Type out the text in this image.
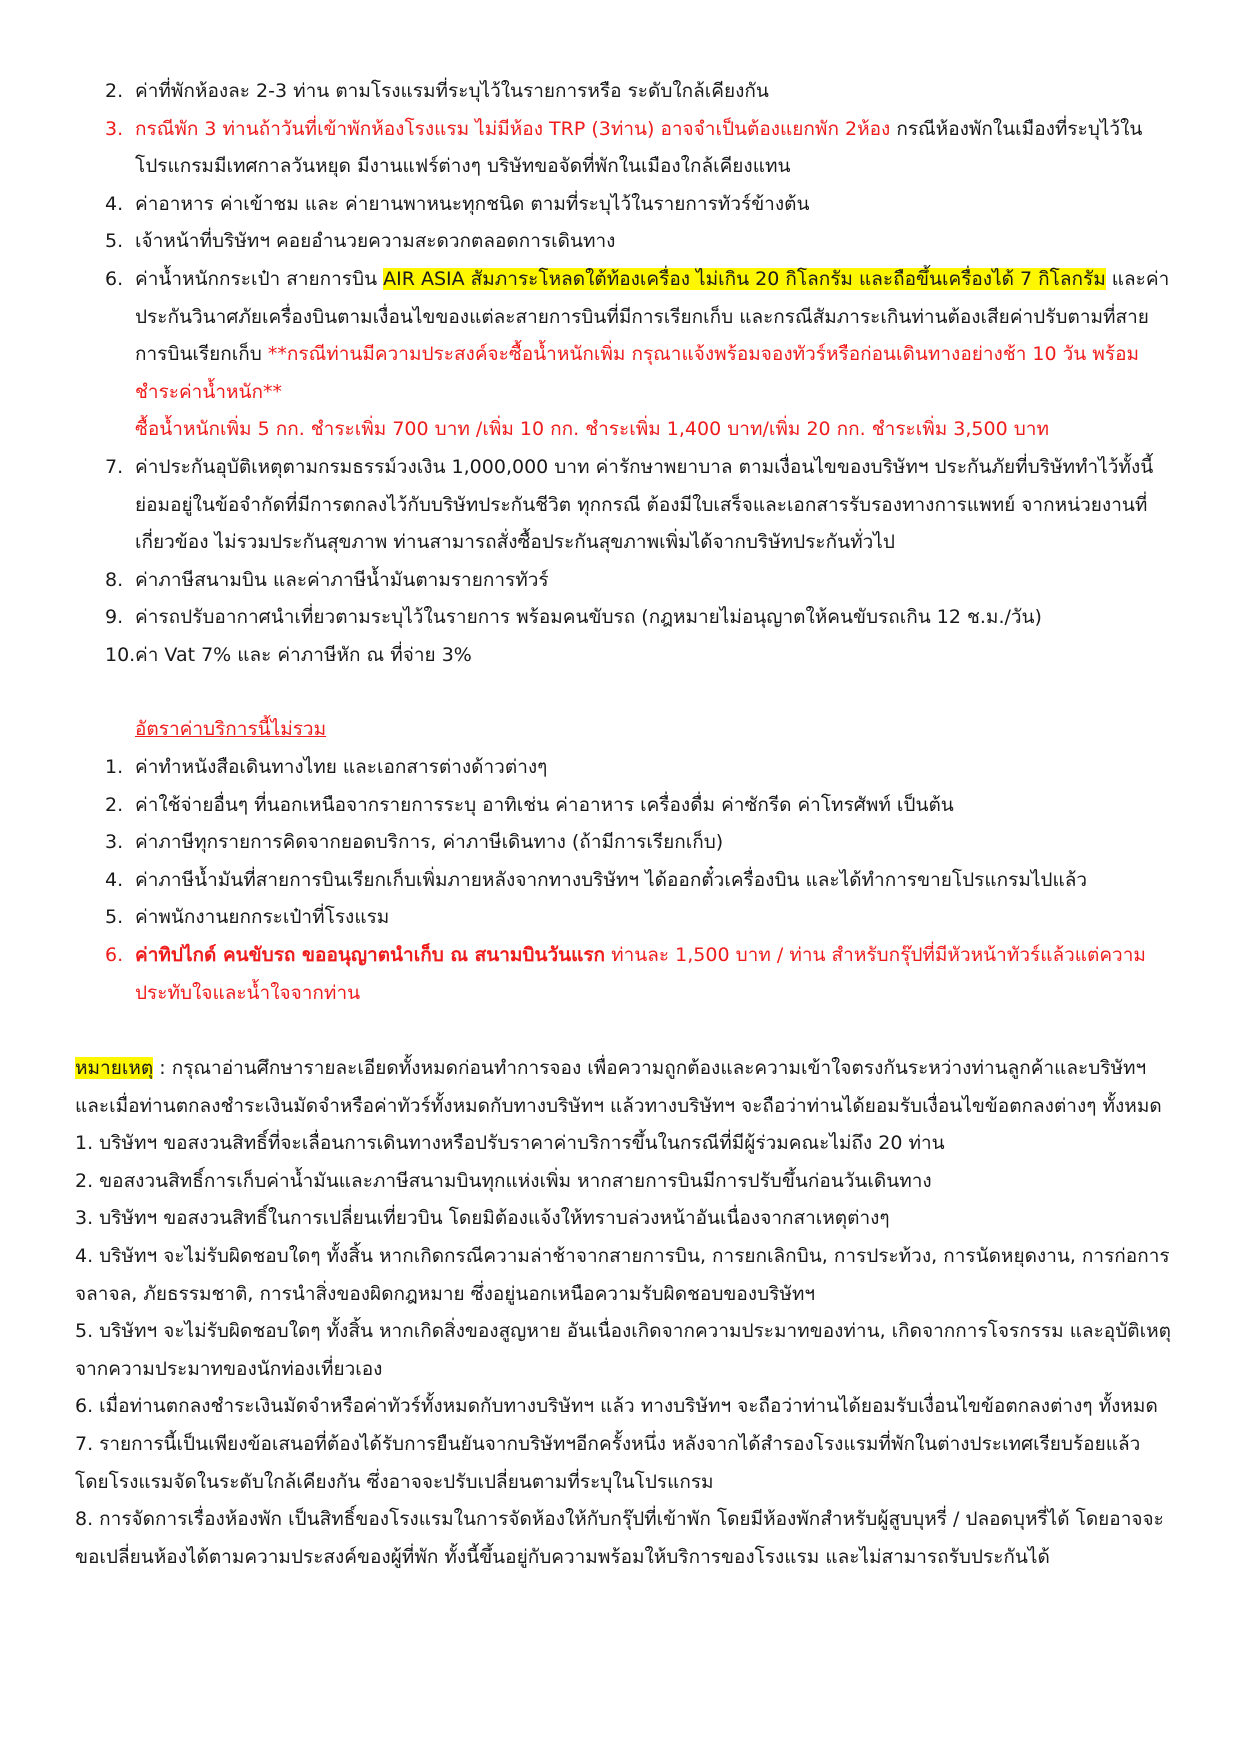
2. ค่าที่พักห้องละ 2-3 ท่าน ตามโรงแรมที่ระบุไว้ในรายการหรือ ระดับใกล้เคียงกัน
3. กรณีพัก 3 ท่านถ้าวันที่เข้าพักห้องโรงแรม ไม่มีห้อง TRP (3ท่าน) อาจจำเป็นต้องแยกพัก 2ห้อง กรณีห้องพักในเมืองที่ระบุไว้ในโปรแกรมมีเทศกาลวันหยุด มีงานแฟร์ต่างๆ บริษัทขอจัดที่พักในเมืองใกล้เคียงแทน
4. ค่าอาหาร ค่าเข้าชม และ ค่ายานพาหนะทุกชนิด ตามที่ระบุไว้ในรายการทัวร์ข้างต้น
5. เจ้าหน้าที่บริษัทฯ คอยอำนวยความสะดวกตลอดการเดินทาง
6. ค่าน้ำหนักกระเป๋า สายการบิน AIR ASIA สัมภาระโหลดใต้ท้องเครื่อง ไม่เกิน 20 กิโลกรัม และถือขึ้นเครื่องได้ 7 กิโลกรัม และค่าประกันวินาศภัยเครื่องบินตามเงื่อนไขของแต่ละสายการบินที่มีการเรียกเก็บ และกรณีสัมภาระเกินท่านต้องเสียค่าปรับตามที่สายการบินเรียกเก็บ **กรณีท่านมีความประสงค์จะซื้อน้ำหนักเพิ่ม กรุณาแจ้งพร้อมจองทัวร์หรือก่อนเดินทางอย่างช้า 10 วัน พร้อมชำระค่าน้ำหนัก**
ซื้อน้ำหนักเพิ่ม 5 กก. ชำระเพิ่ม 700 บาท /เพิ่ม 10 กก. ชำระเพิ่ม 1,400 บาท/เพิ่ม 20 กก. ชำระเพิ่ม 3,500 บาท
7. ค่าประกันอุบัติเหตุตามกรมธรรม์วงเงิน 1,000,000 บาท ค่ารักษาพยาบาล ตามเงื่อนไขของบริษัทฯ ประกันภัยที่บริษัททำไว้ทั้งนี้ย่อมอยู่ในข้อจำกัดที่มีการตกลงไว้กับบริษัทประกันชีวิต ทุกกรณี ต้องมีใบเสร็จและเอกสารรับรองทางการแพทย์ จากหน่วยงานที่เกี่ยวข้อง ไม่รวมประกันสุขภาพ ท่านสามารถสั่งซื้อประกันสุขภาพเพิ่มได้จากบริษัทประกันทั่วไป
8. ค่าภาษีสนามบิน และค่าภาษีน้ำมันตามรายการทัวร์
9. ค่ารถปรับอากาศนำเที่ยวตามระบุไว้ในรายการ พร้อมคนขับรถ (กฎหมายไม่อนุญาตให้คนขับรถเกิน 12 ช.ม./วัน)
10. ค่า Vat 7% และ ค่าภาษีหัก ณ ที่จ่าย 3%
อัตราค่าบริการนี้ไม่รวม
1. ค่าทำหนังสือเดินทางไทย และเอกสารต่างด้าวต่างๆ
2. ค่าใช้จ่ายอื่นๆ ที่นอกเหนือจากรายการระบุ อาทิเช่น ค่าอาหาร เครื่องดื่ม ค่าซักรีด ค่าโทรศัพท์ เป็นต้น
3. ค่าภาษีทุกรายการคิดจากยอดบริการ, ค่าภาษีเดินทาง (ถ้ามีการเรียกเก็บ)
4. ค่าภาษีน้ำมันที่สายการบินเรียกเก็บเพิ่มภายหลังจากทางบริษัทฯ ได้ออกตั๋วเครื่องบิน และได้ทำการขายโปรแกรมไปแล้ว
5. ค่าพนักงานยกกระเป๋าที่โรงแรม
6. ค่าทิปไกด์ คนขับรถ ขออนุญาตนำเก็บ ณ สนามบินวันแรก ท่านละ 1,500 บาท / ท่าน สำหรับกรุ๊ปที่มีหัวหน้าทัวร์แล้วแต่ความประทับใจและน้ำใจจากท่าน

หมายเหตุ : กรุณาอ่านศึกษารายละเอียดทั้งหมดก่อนทำการจอง เพื่อความถูกต้องและความเข้าใจตรงกันระหว่างท่านลูกค้าและบริษัทฯ และเมื่อท่านตกลงชำระเงินมัดจำหรือค่าทัวร์ทั้งหมดกับทางบริษัทฯ แล้วทางบริษัทฯ จะถือว่าท่านได้ยอมรับเงื่อนไขข้อตกลงต่างๆ ทั้งหมด

1. บริษัทฯ ขอสงวนสิทธิ์ที่จะเลื่อนการเดินทางหรือปรับราคาค่าบริการขึ้นในกรณีที่มีผู้ร่วมคณะไม่ถึง 20 ท่าน

2. ขอสงวนสิทธิ์การเก็บค่าน้ำมันและภาษีสนามบินทุกแห่งเพิ่ม หากสายการบินมีการปรับขึ้นก่อนวันเดินทาง

3. บริษัทฯ ขอสงวนสิทธิ์ในการเปลี่ยนเที่ยวบิน โดยมิต้องแจ้งให้ทราบล่วงหน้าอันเนื่องจากสาเหตุต่างๆ

4. บริษัทฯ จะไม่รับผิดชอบใดๆ ทั้งสิ้น หากเกิดกรณีความล่าช้าจากสายการบิน, การยกเลิกบิน, การประท้วง, การนัดหยุดงาน, การก่อการจลาจล, ภัยธรรมชาติ, การนำสิ่งของผิดกฎหมาย ซึ่งอยู่นอกเหนือความรับผิดชอบของบริษัทฯ

5. บริษัทฯ จะไม่รับผิดชอบใดๆ ทั้งสิ้น หากเกิดสิ่งของสูญหาย อันเนื่องเกิดจากความประมาทของท่าน, เกิดจากการโจรกรรม และอุบัติเหตุจากความประมาทของนักท่องเที่ยวเอง

6. เมื่อท่านตกลงชำระเงินมัดจำหรือค่าทัวร์ทั้งหมดกับทางบริษัทฯ แล้ว ทางบริษัทฯ จะถือว่าท่านได้ยอมรับเงื่อนไขข้อตกลงต่างๆ ทั้งหมด

7. รายการนี้เป็นเพียงข้อเสนอที่ต้องได้รับการยืนยันจากบริษัทฯอีกครั้งหนึ่ง หลังจากได้สำรองโรงแรมที่พักในต่างประเทศเรียบร้อยแล้ว โดยโรงแรมจัดในระดับใกล้เคียงกัน ซึ่งอาจจะปรับเปลี่ยนตามที่ระบุในโปรแกรม

8. การจัดการเรื่องห้องพัก เป็นสิทธิ์ของโรงแรมในการจัดห้องให้กับกรุ๊ปที่เข้าพัก โดยมีห้องพักสำหรับผู้สูบบุหรี่ / ปลอดบุหรี่ได้ โดยอาจจะขอเปลี่ยนห้องได้ตามความประสงค์ของผู้ที่พัก ทั้งนี้ขึ้นอยู่กับความพร้อมให้บริการของโรงแรม และไม่สามารถรับประกันได้
